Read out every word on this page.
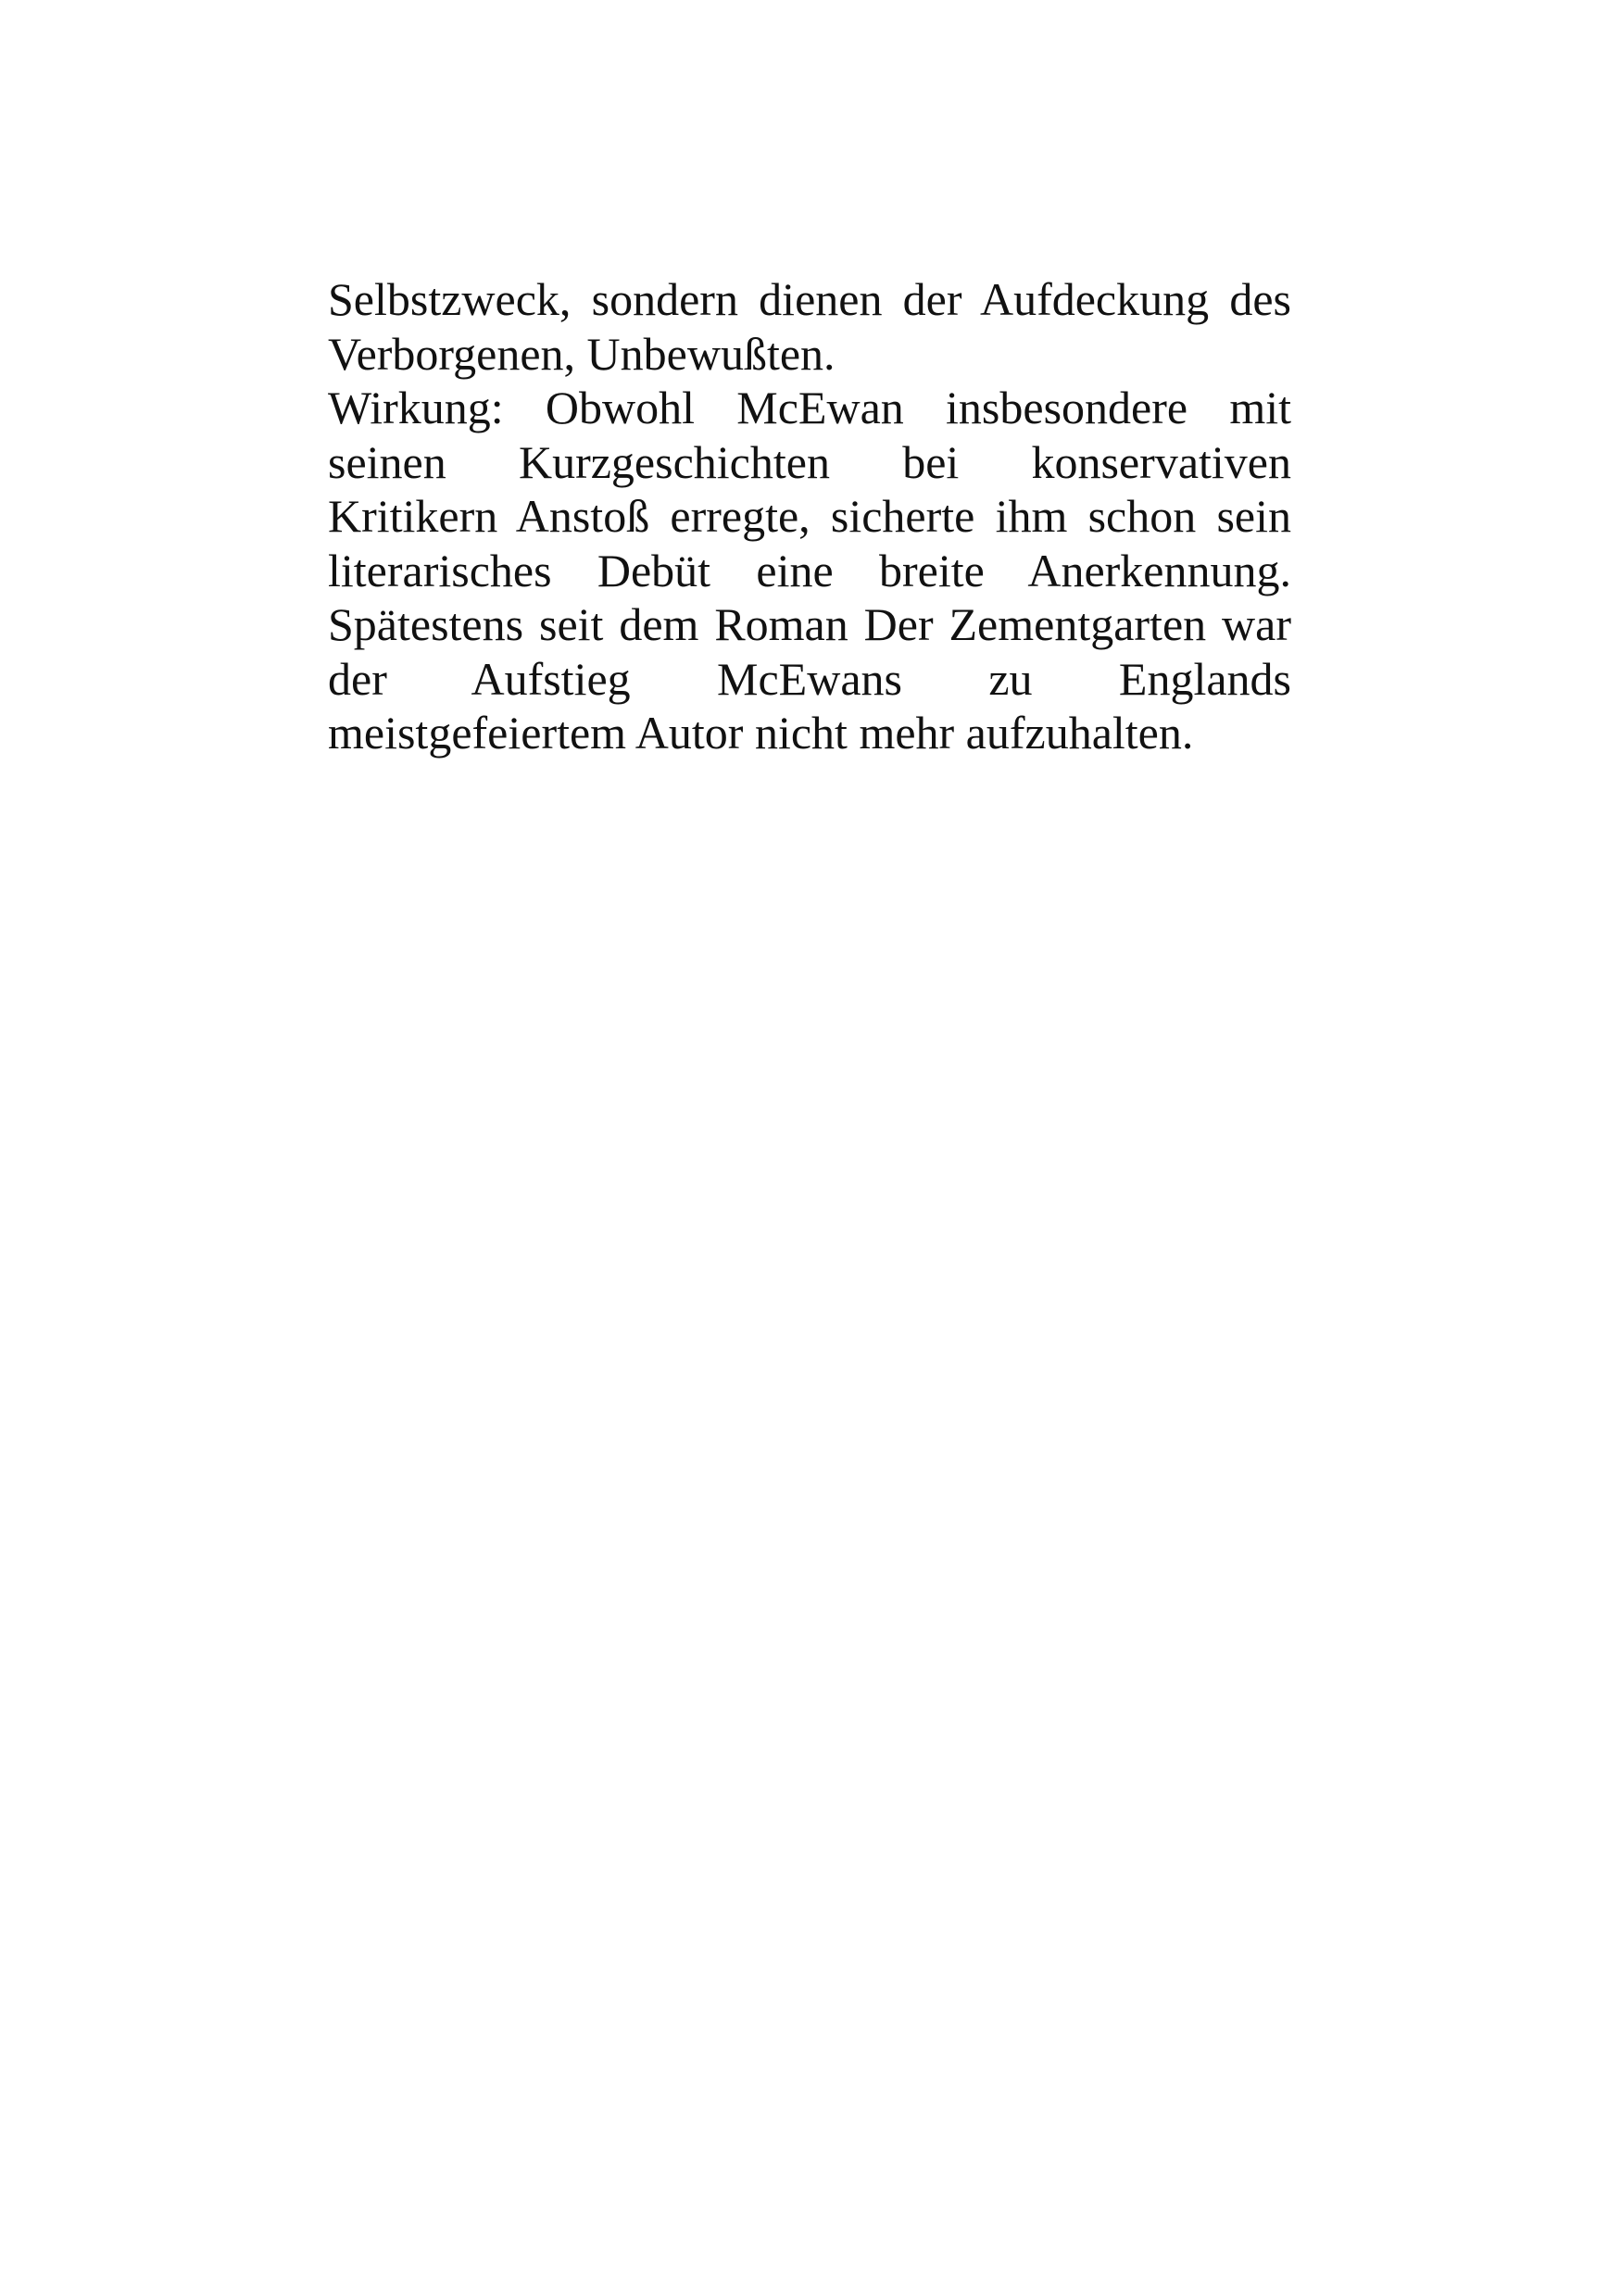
Selbstzweck, sondern dienen der Aufdeckung des
Verborgenen, Unbewußten.
Wirkung: Obwohl McEwan insbesondere mit
seinen Kurzgeschichten bei konservativen
Kritikern Anstoß erregte, sicherte ihm schon sein
literarisches Debüt eine breite Anerkennung.
Spätestens seit dem Roman Der Zementgarten war
der Aufstieg McEwans zu Englands
meistgefeiertem Autor nicht mehr aufzuhalten.
